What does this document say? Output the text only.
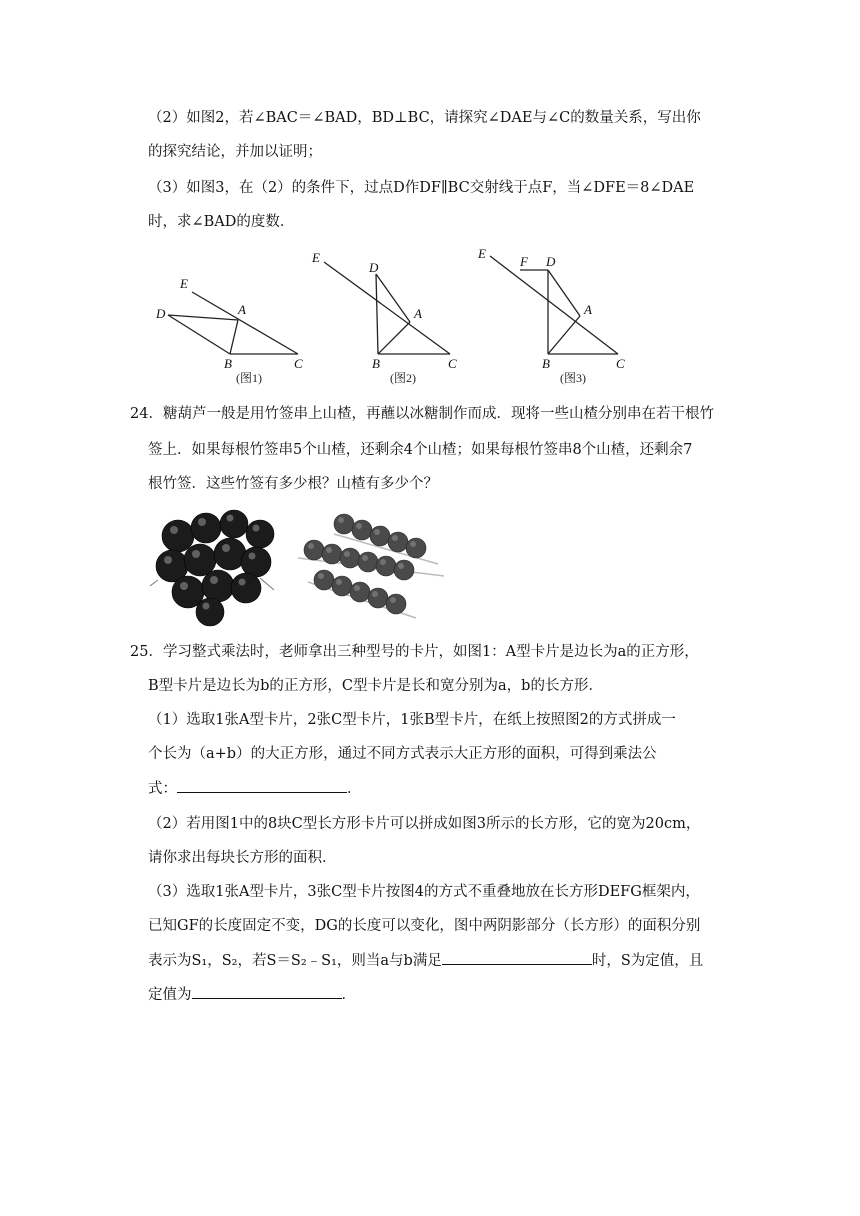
（2）如图2，若∠BAC＝∠BAD，BD⊥BC，请探究∠DAE与∠C的数量关系，写出你
的探究结论，并加以证明；
（3）如图3，在（2）的条件下，过点D作DF∥BC交射线于点F，当∠DFE＝8∠DAE
时，求∠BAD的度数．
E
D	A
B	C
(图1)
E
D
A
B	C
(图2)
E
F D
A
B	C
(图3)
24．糖葫芦一般是用竹签串上山楂，再蘸以冰糖制作而成．现将一些山楂分别串在若干根竹
签上．如果每根竹签串5个山楂，还剩余4个山楂；如果每根竹签串8个山楂，还剩余7
根竹签．这些竹签有多少根？山楂有多少个？
25．学习整式乘法时，老师拿出三种型号的卡片，如图1：A型卡片是边长为a的正方形，
B型卡片是边长为b的正方形，C型卡片是长和宽分别为a，b的长方形．
（1）选取1张A型卡片，2张C型卡片，1张B型卡片，在纸上按照图2的方式拼成一
个长为（a+b）的大正方形，通过不同方式表示大正方形的面积，可得到乘法公
式：	．
（2）若用图1中的8块C型长方形卡片可以拼成如图3所示的长方形，它的宽为20cm，
请你求出每块长方形的面积．
（3）选取1张A型卡片，3张C型卡片按图4的方式不重叠地放在长方形DEFG框架内，
已知GF的长度固定不变，DG的长度可以变化，图中两阴影部分（长方形）的面积分别
表示为S₁，S₂，若S＝S₂﹣S₁，则当a与b满足	时，S为定值，且
定值为	．
